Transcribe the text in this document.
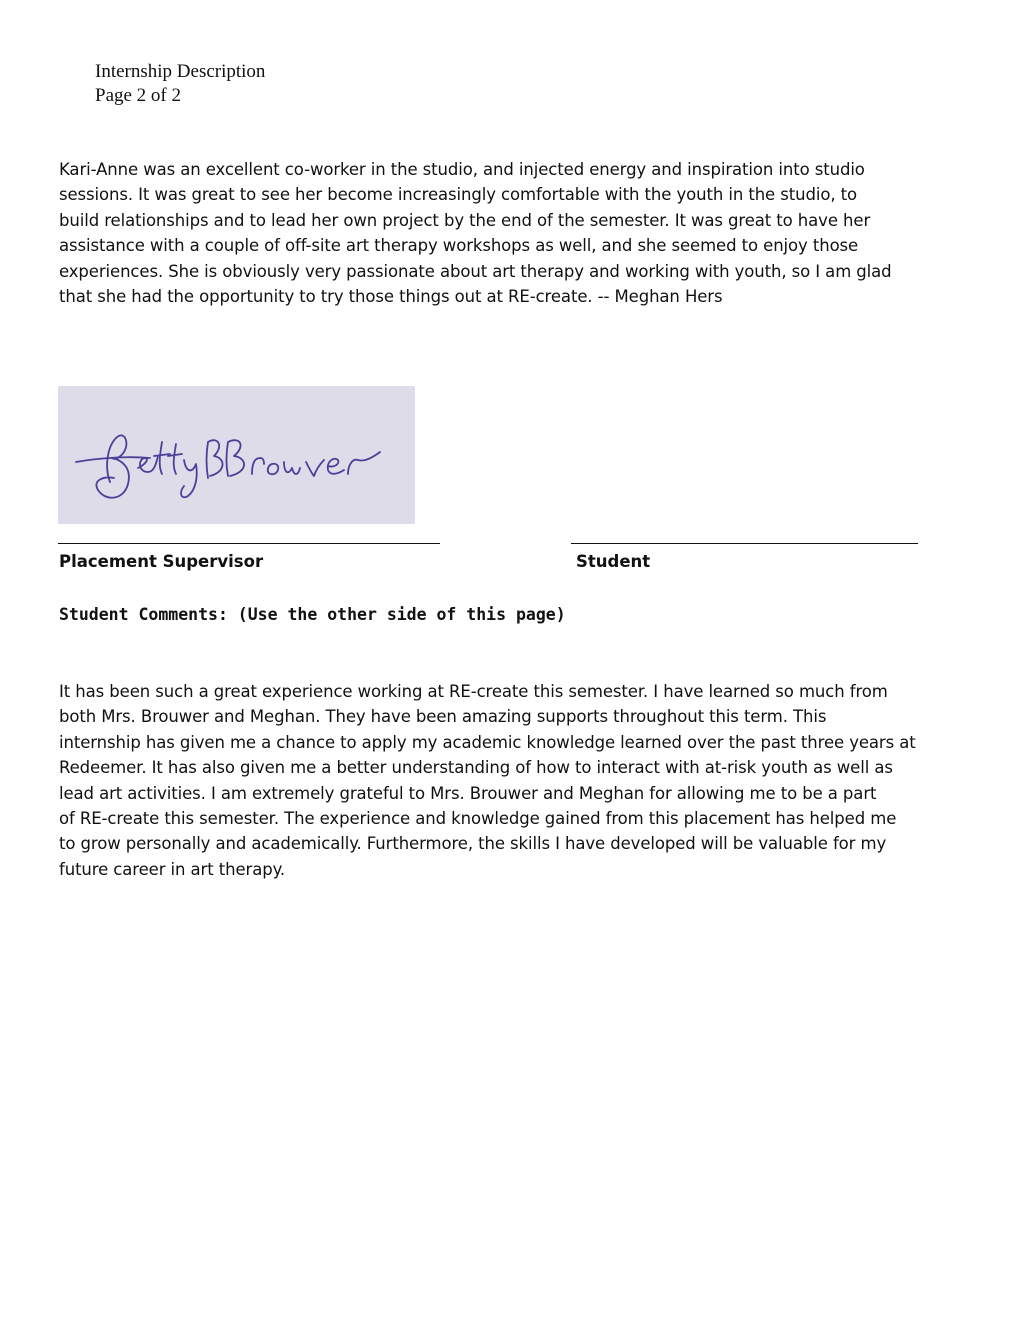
Internship Description
Page 2 of 2
Kari-Anne was an excellent co-worker in the studio, and injected energy and inspiration into studio
sessions. It was great to see her become increasingly comfortable with the youth in the studio, to
build relationships and to lead her own project by the end of the semester. It was great to have her
assistance with a couple of off-site art therapy workshops as well, and she seemed to enjoy those
experiences. She is obviously very passionate about art therapy and working with youth, so I am glad
that she had the opportunity to try those things out at RE-create. -- Meghan Hers
Placement Supervisor	Student
Student Comments: (Use the other side of this page)
It has been such a great experience working at RE-create this semester. I have learned so much from
both Mrs. Brouwer and Meghan. They have been amazing supports throughout this term. This
internship has given me a chance to apply my academic knowledge learned over the past three years at
Redeemer. It has also given me a better understanding of how to interact with at-risk youth as well as
lead art activities. I am extremely grateful to Mrs. Brouwer and Meghan for allowing me to be a part
of RE-create this semester. The experience and knowledge gained from this placement has helped me
to grow personally and academically. Furthermore, the skills I have developed will be valuable for my
future career in art therapy.
